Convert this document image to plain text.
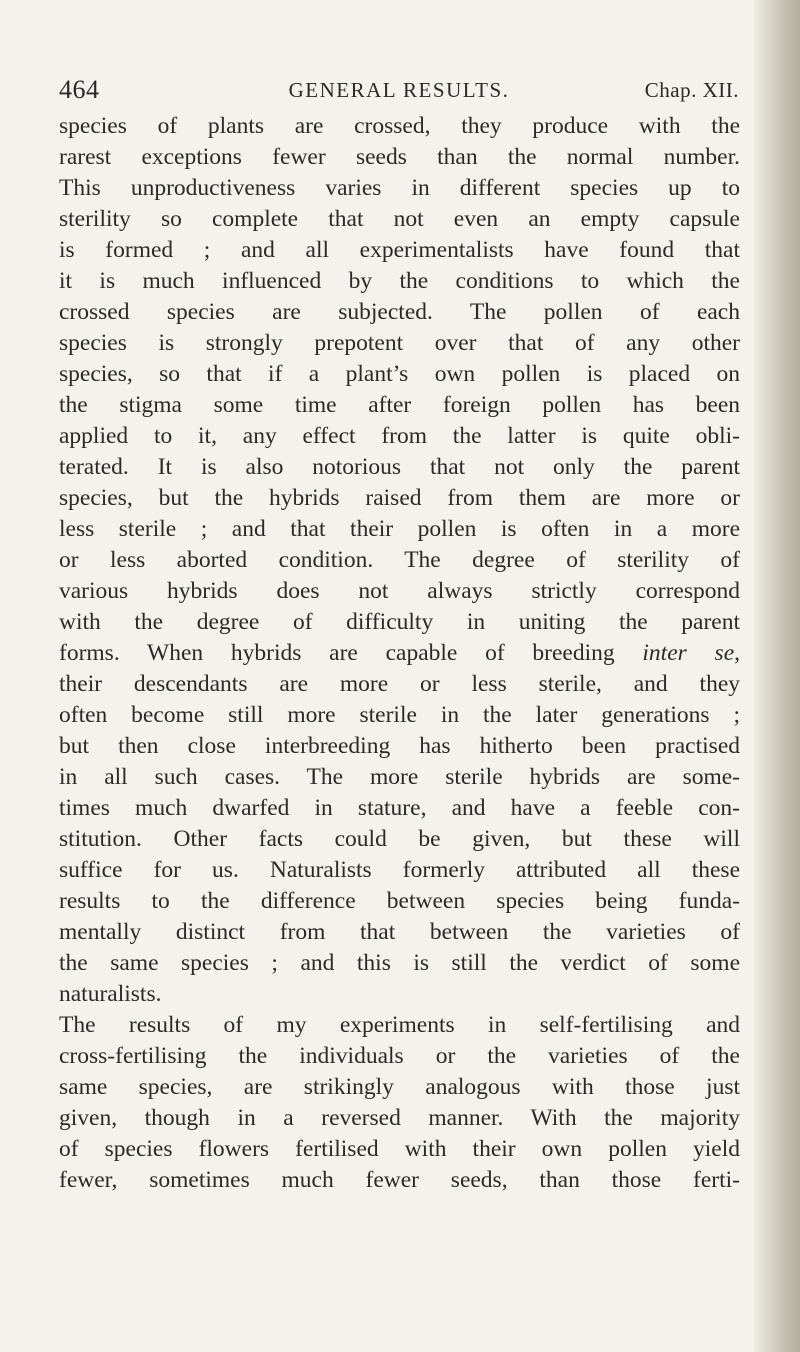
464	GENERAL RESULTS.	Chap. XII.
species of plants are crossed, they produce with the
rarest exceptions fewer seeds than the normal number.
This unproductiveness varies in different species up to
sterility so complete that not even an empty capsule
is formed ; and all experimentalists have found that
it is much influenced by the conditions to which the
crossed species are subjected. The pollen of each
species is strongly prepotent over that of any other
species, so that if a plant’s own pollen is placed on
the stigma some time after foreign pollen has been
applied to it, any effect from the latter is quite obli-
terated. It is also notorious that not only the parent
species, but the hybrids raised from them are more or
less sterile ; and that their pollen is often in a more
or less aborted condition. The degree of sterility of
various hybrids does not always strictly correspond
with the degree of difficulty in uniting the parent
forms. When hybrids are capable of breeding inter se,
their descendants are more or less sterile, and they
often become still more sterile in the later generations ;
but then close interbreeding has hitherto been practised
in all such cases. The more sterile hybrids are some-
times much dwarfed in stature, and have a feeble con-
stitution. Other facts could be given, but these will
suffice for us. Naturalists formerly attributed all these
results to the difference between species being funda-
mentally distinct from that between the varieties of
the same species ; and this is still the verdict of some
naturalists.
The results of my experiments in self-fertilising and
cross-fertilising the individuals or the varieties of the
same species, are strikingly analogous with those just
given, though in a reversed manner. With the majority
of species flowers fertilised with their own pollen yield
fewer, sometimes much fewer seeds, than those ferti-
